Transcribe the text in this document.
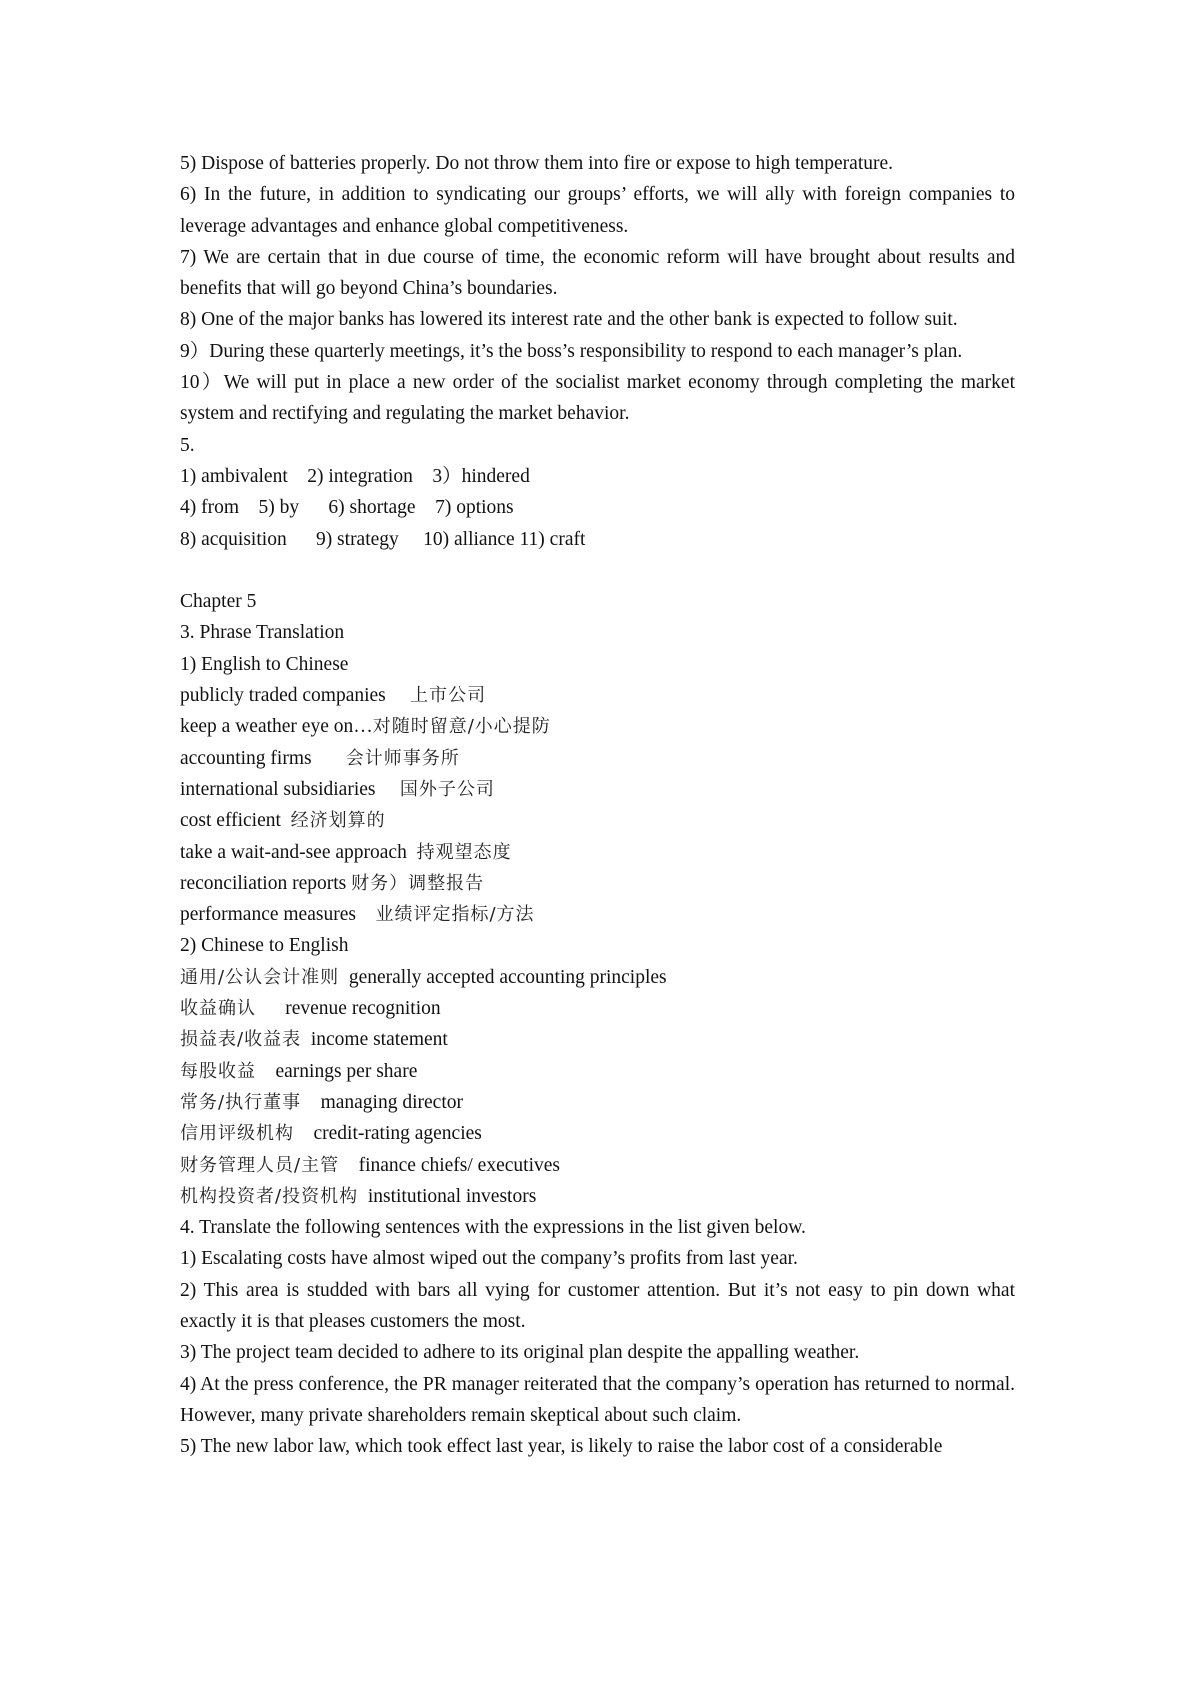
5) Dispose of batteries properly. Do not throw them into fire or expose to high temperature.
6) In the future, in addition to syndicating our groups’ efforts, we will ally with foreign companies to leverage advantages and enhance global competitiveness.
7) We are certain that in due course of time, the economic reform will have brought about results and benefits that will go beyond China’s boundaries.
8) One of the major banks has lowered its interest rate and the other bank is expected to follow suit.
9）During these quarterly meetings, it’s the boss’s responsibility to respond to each manager’s plan.
10）We will put in place a new order of the socialist market economy through completing the market system and rectifying and regulating the market behavior.
5.
1) ambivalent    2) integration    3）hindered
4) from    5) by      6) shortage    7) options
8) acquisition      9) strategy     10) alliance 11) craft
Chapter 5
3. Phrase Translation
1) English to Chinese
publicly traded companies     上市公司
keep a weather eye on…对随时留意/小心提防
accounting firms       会计师事务所
international subsidiaries     国外子公司
cost efficient  经济划算的
take a wait-and-see approach  持观望态度
reconciliation reports 财务）调整报告
performance measures    业绩评定指标/方法
2) Chinese to English
通用/公认会计准则  generally accepted accounting principles
收益确认      revenue recognition
损益表/收益表  income statement
每股收益    earnings per share
常务/执行董事    managing director
信用评级机构    credit-rating agencies
财务管理人员/主管    finance chiefs/ executives
机构投资者/投资机构  institutional investors
4. Translate the following sentences with the expressions in the list given below.
1) Escalating costs have almost wiped out the company’s profits from last year.
2) This area is studded with bars all vying for customer attention. But it’s not easy to pin down what exactly it is that pleases customers the most.
3) The project team decided to adhere to its original plan despite the appalling weather.
4) At the press conference, the PR manager reiterated that the company’s operation has returned to normal. However, many private shareholders remain skeptical about such claim.
5) The new labor law, which took effect last year, is likely to raise the labor cost of a considerable
